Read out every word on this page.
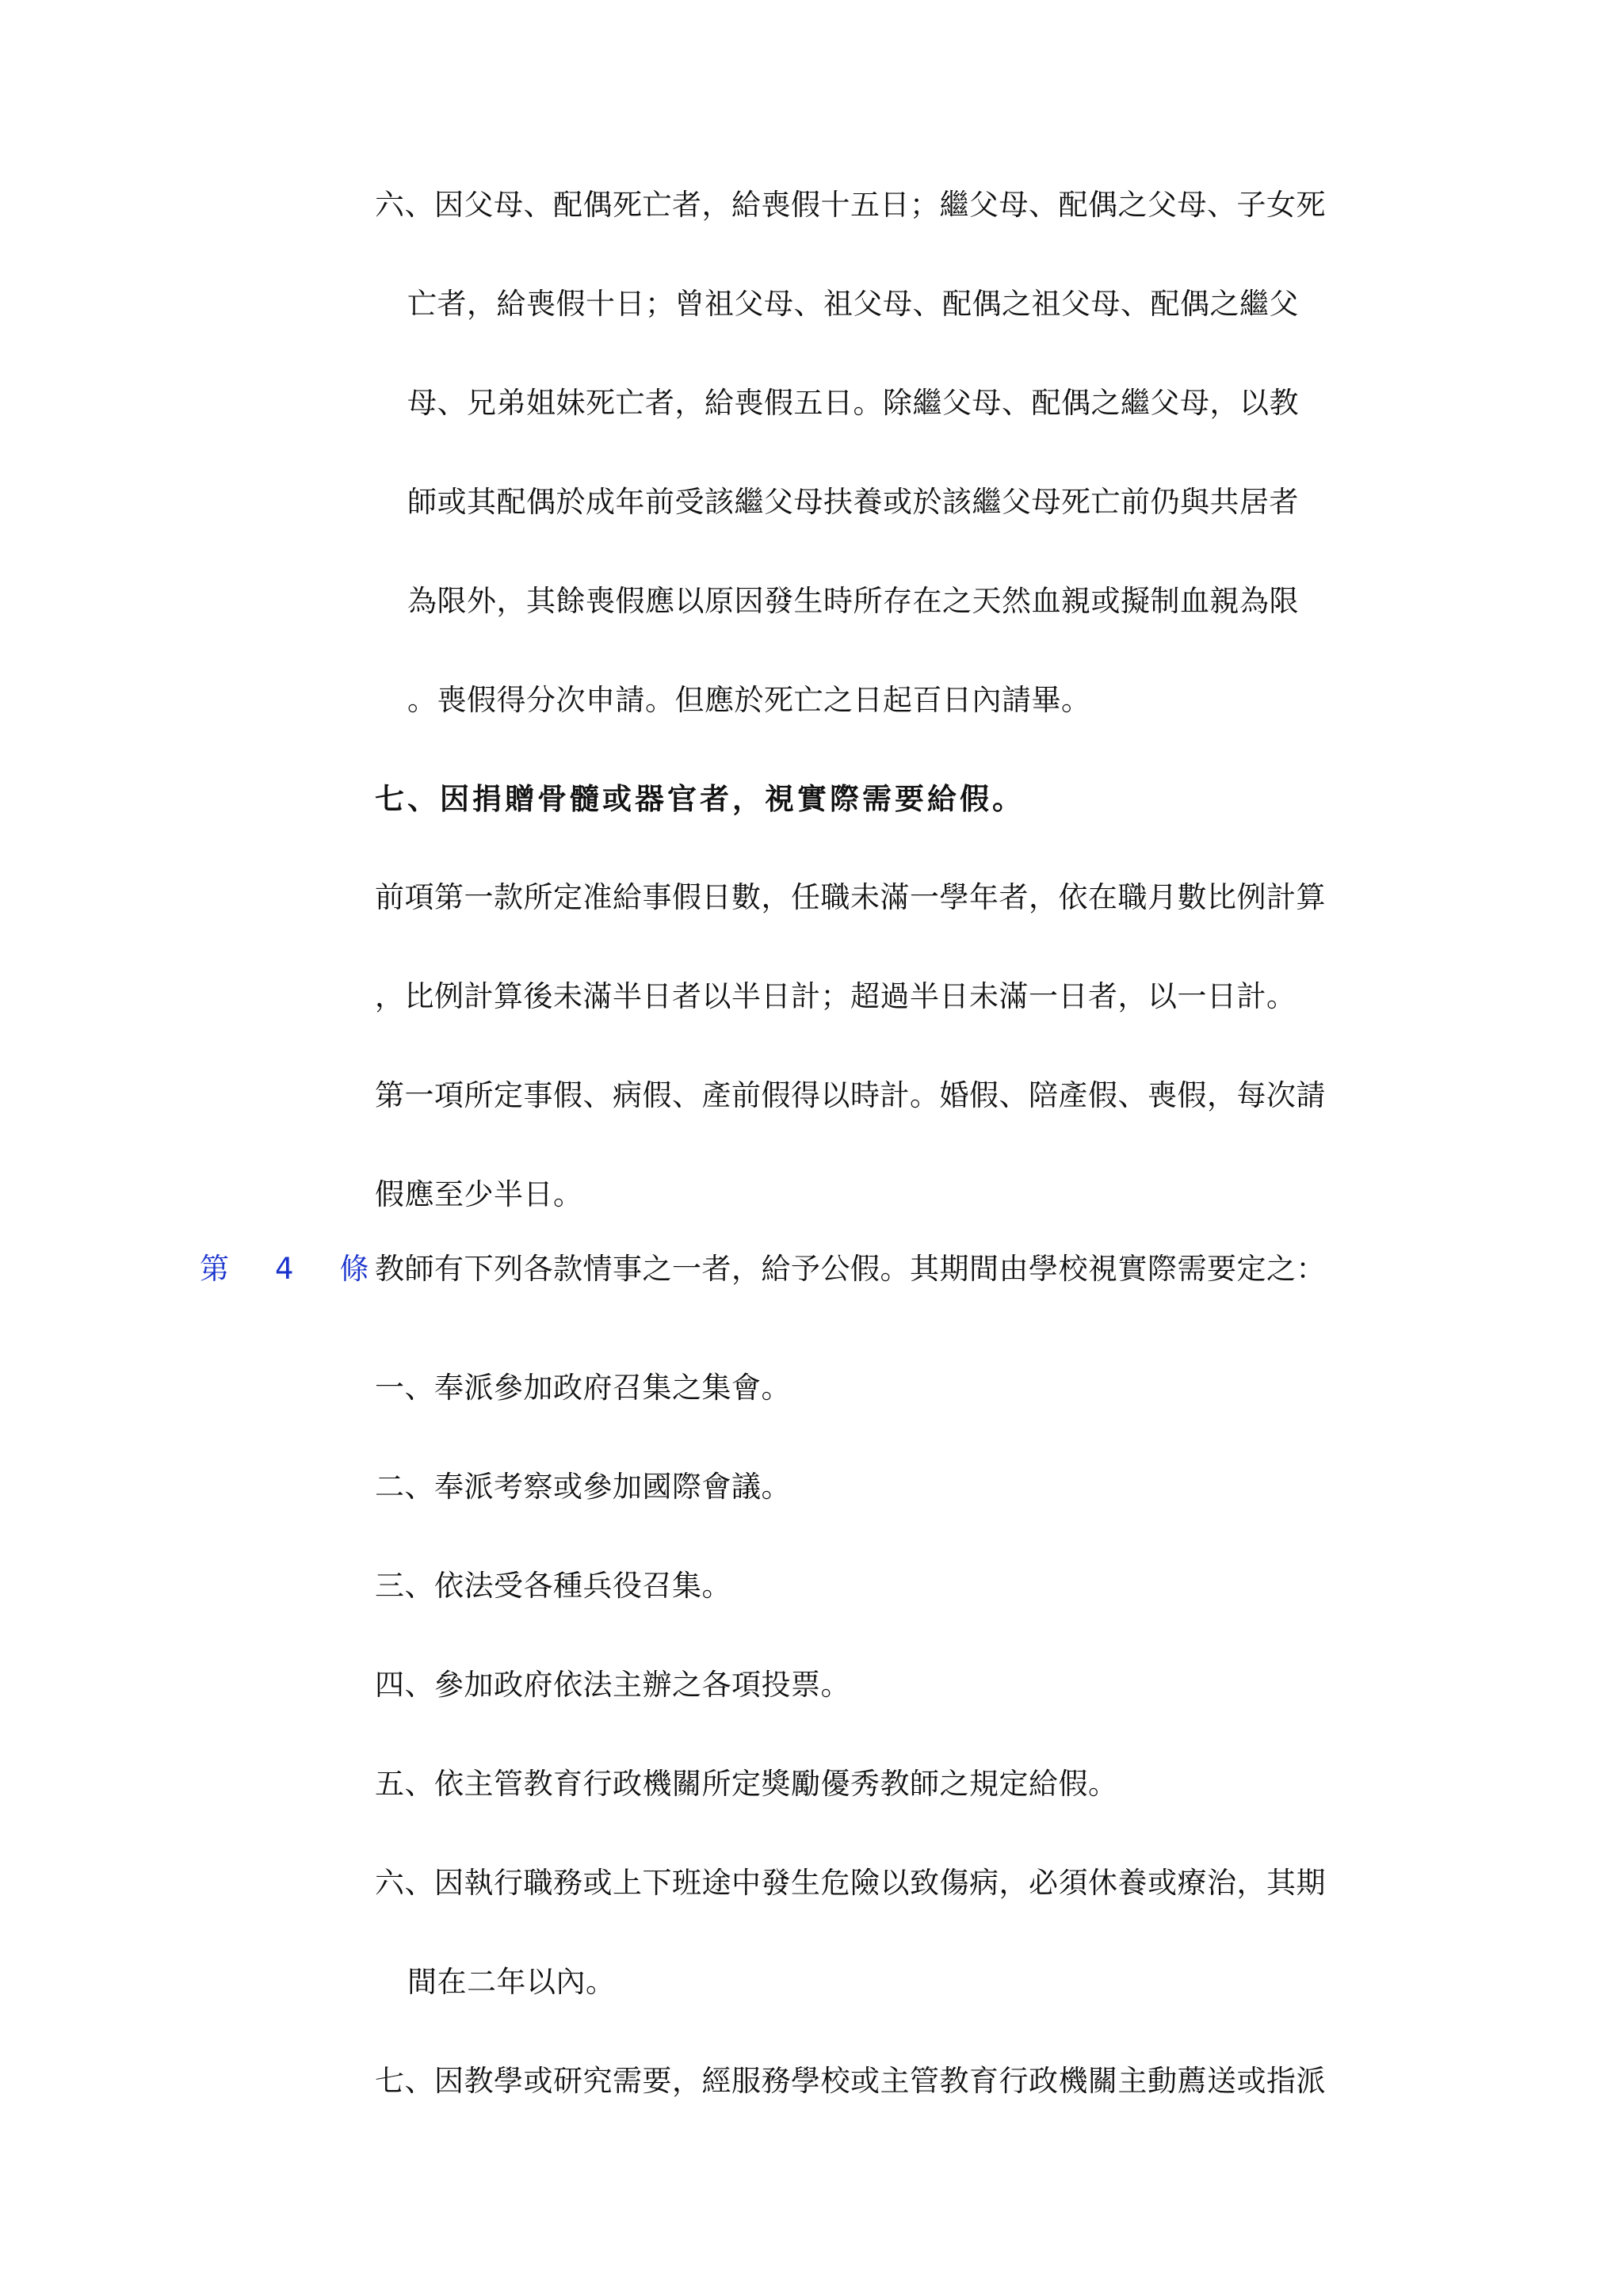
六、因父母、配偶死亡者，給喪假十五日；繼父母、配偶之父母、子女死
亡者，給喪假十日；曾祖父母、祖父母、配偶之祖父母、配偶之繼父
母、兄弟姐妹死亡者，給喪假五日。除繼父母、配偶之繼父母，以教
師或其配偶於成年前受該繼父母扶養或於該繼父母死亡前仍與共居者
為限外，其餘喪假應以原因發生時所存在之天然血親或擬制血親為限
。喪假得分次申請。但應於死亡之日起百日內請畢。
七、因捐贈骨髓或器官者，視實際需要給假。
前項第一款所定准給事假日數，任職未滿一學年者，依在職月數比例計算
，比例計算後未滿半日者以半日計；超過半日未滿一日者，以一日計。
第一項所定事假、病假、產前假得以時計。婚假、陪產假、喪假，每次請
假應至少半日。
第 4 條 教師有下列各款情事之一者，給予公假。其期間由學校視實際需要定之：
一、奉派參加政府召集之集會。
二、奉派考察或參加國際會議。
三、依法受各種兵役召集。
四、參加政府依法主辦之各項投票。
五、依主管教育行政機關所定獎勵優秀教師之規定給假。
六、因執行職務或上下班途中發生危險以致傷病，必須休養或療治，其期
間在二年以內。
七、因教學或研究需要，經服務學校或主管教育行政機關主動薦送或指派
